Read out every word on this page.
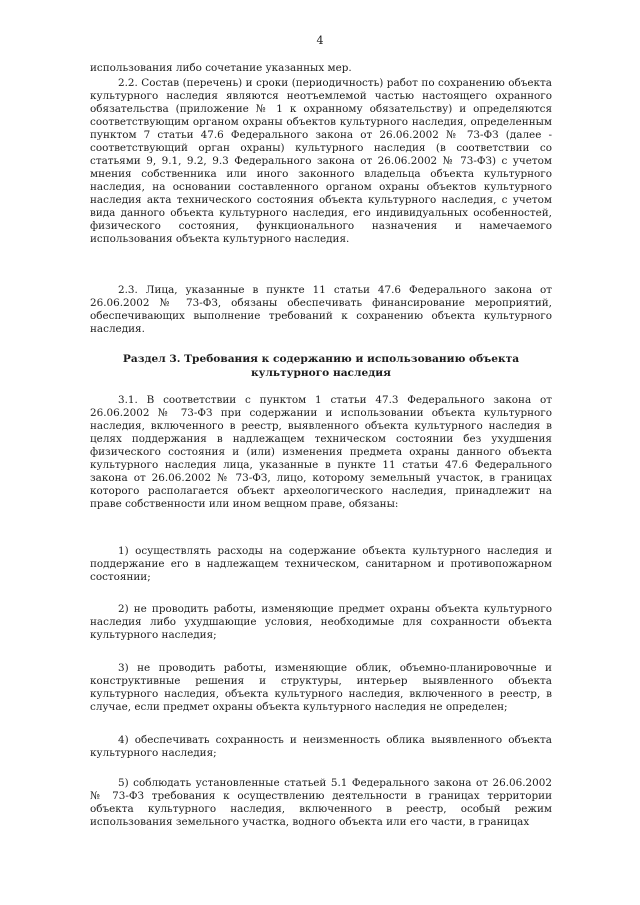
4
использования либо сочетание указанных мер.
2.2. Состав (перечень) и сроки (периодичность) работ по сохранению объекта культурного наследия являются неотъемлемой частью настоящего охранного обязательства (приложение № 1 к охранному обязательству) и определяются соответствующим органом охраны объектов культурного наследия, определенным пунктом 7 статьи 47.6 Федерального закона от 26.06.2002 № 73-ФЗ (далее - соответствующий орган охраны) культурного наследия (в соответствии со статьями 9, 9.1, 9.2, 9.3 Федерального закона от 26.06.2002 № 73-ФЗ) с учетом мнения собственника или иного законного владельца объекта культурного наследия, на основании составленного органом охраны объектов культурного наследия акта технического состояния объекта культурного наследия, с учетом вида данного объекта культурного наследия, его индивидуальных особенностей, физического состояния, функционального назначения и намечаемого использования объекта культурного наследия.
2.3. Лица, указанные в пункте 11 статьи 47.6 Федерального закона от 26.06.2002 № 73-ФЗ, обязаны обеспечивать финансирование мероприятий, обеспечивающих выполнение требований к сохранению объекта культурного наследия.
Раздел 3. Требования к содержанию и использованию объекта культурного наследия
3.1. В соответствии с пунктом 1 статьи 47.3 Федерального закона от 26.06.2002 № 73-ФЗ при содержании и использовании объекта культурного наследия, включенного в реестр, выявленного объекта культурного наследия в целях поддержания в надлежащем техническом состоянии без ухудшения физического состояния и (или) изменения предмета охраны данного объекта культурного наследия лица, указанные в пункте 11 статьи 47.6 Федерального закона от 26.06.2002 № 73-ФЗ, лицо, которому земельный участок, в границах которого располагается объект археологического наследия, принадлежит на праве собственности или ином вещном праве, обязаны:
1) осуществлять расходы на содержание объекта культурного наследия и поддержание его в надлежащем техническом, санитарном и противопожарном состоянии;
2) не проводить работы, изменяющие предмет охраны объекта культурного наследия либо ухудшающие условия, необходимые для сохранности объекта культурного наследия;
3) не проводить работы, изменяющие облик, объемно-планировочные и конструктивные решения и структуры, интерьер выявленного объекта культурного наследия, объекта культурного наследия, включенного в реестр, в случае, если предмет охраны объекта культурного наследия не определен;
4) обеспечивать сохранность и неизменность облика выявленного объекта культурного наследия;
5) соблюдать установленные статьей 5.1 Федерального закона от 26.06.2002 № 73-ФЗ требования к осуществлению деятельности в границах территории объекта культурного наследия, включенного в реестр, особый режим использования земельного участка, водного объекта или его части, в границах
